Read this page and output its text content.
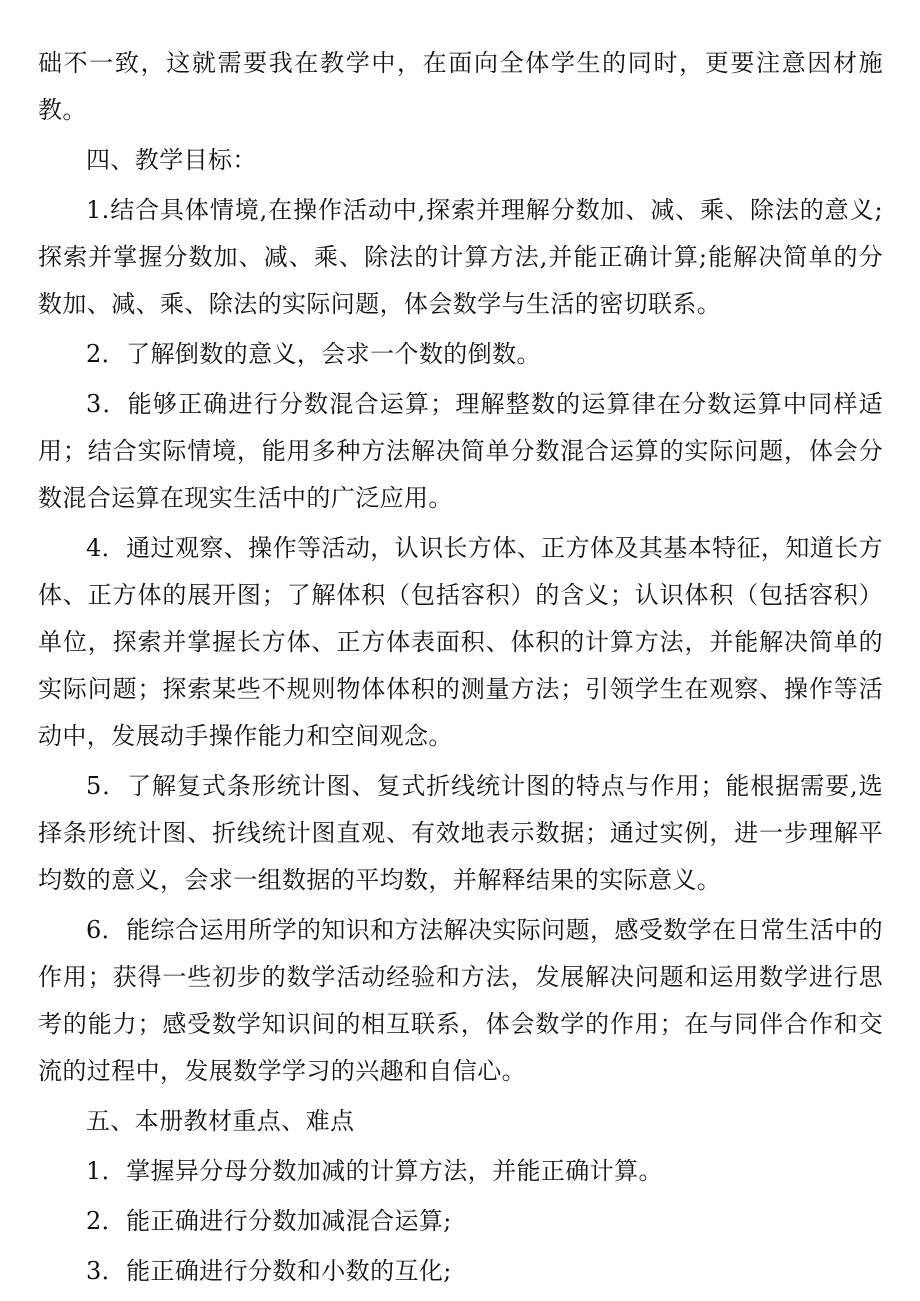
础不一致，这就需要我在教学中，在面向全体学生的同时，更要注意因材施教。

四、教学目标：

1.结合具体情境,在操作活动中,探索并理解分数加、减、乘、除法的意义;探索并掌握分数加、减、乘、除法的计算方法,并能正确计算;能解决简单的分数加、减、乘、除法的实际问题，体会数学与生活的密切联系。

2．了解倒数的意义，会求一个数的倒数。

3．能够正确进行分数混合运算；理解整数的运算律在分数运算中同样适用；结合实际情境，能用多种方法解决简单分数混合运算的实际问题，体会分数混合运算在现实生活中的广泛应用。

4．通过观察、操作等活动，认识长方体、正方体及其基本特征，知道长方体、正方体的展开图；了解体积（包括容积）的含义；认识体积（包括容积）单位，探索并掌握长方体、正方体表面积、体积的计算方法，并能解决简单的实际问题；探索某些不规则物体体积的测量方法；引领学生在观察、操作等活动中，发展动手操作能力和空间观念。

5．了解复式条形统计图、复式折线统计图的特点与作用；能根据需要,选择条形统计图、折线统计图直观、有效地表示数据；通过实例，进一步理解平均数的意义，会求一组数据的平均数，并解释结果的实际意义。

6．能综合运用所学的知识和方法解决实际问题，感受数学在日常生活中的作用；获得一些初步的数学活动经验和方法，发展解决问题和运用数学进行思考的能力；感受数学知识间的相互联系，体会数学的作用；在与同伴合作和交流的过程中，发展数学学习的兴趣和自信心。

五、本册教材重点、难点

1．掌握异分母分数加减的计算方法，并能正确计算。

2．能正确进行分数加减混合运算;

3．能正确进行分数和小数的互化;
